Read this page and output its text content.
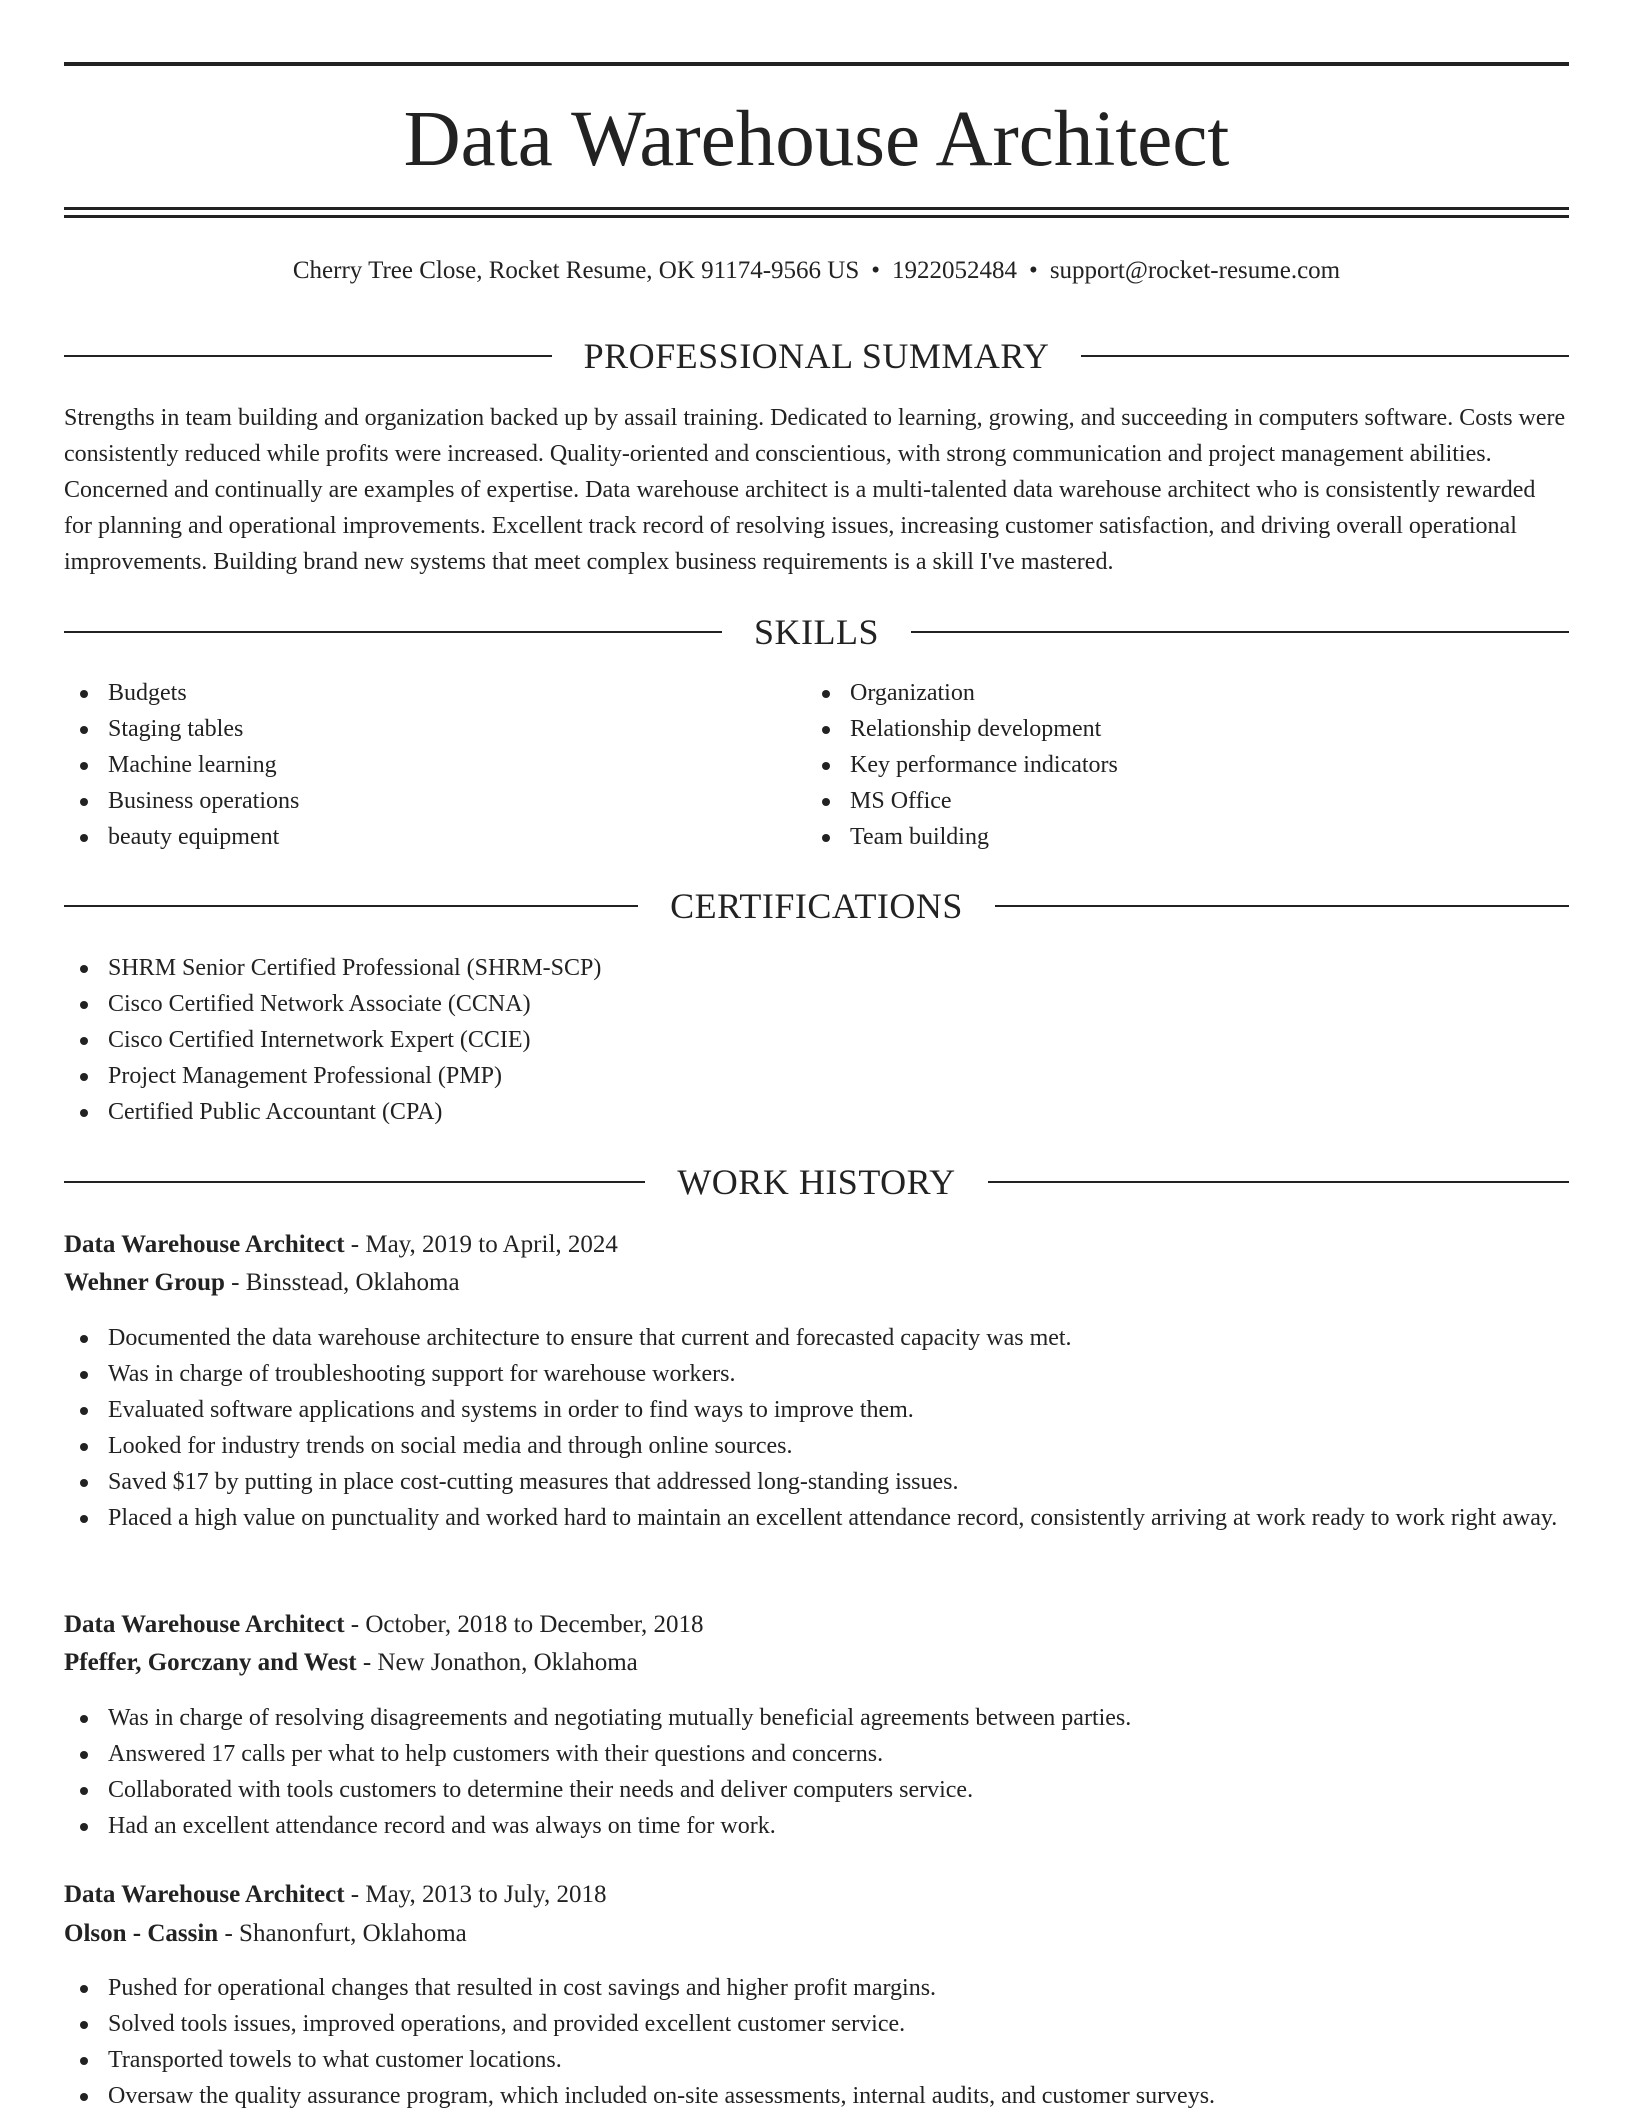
Data Warehouse Architect
Cherry Tree Close, Rocket Resume, OK 91174-9566 US • 1922052484 • support@rocket-resume.com
PROFESSIONAL SUMMARY

Strengths in team building and organization backed up by assail training. Dedicated to learning, growing, and succeeding in computers software. Costs were consistently reduced while profits were increased. Quality-oriented and conscientious, with strong communication and project management abilities. Concerned and continually are examples of expertise. Data warehouse architect is a multi-talented data warehouse architect who is consistently rewarded for planning and operational improvements. Excellent track record of resolving issues, increasing customer satisfaction, and driving overall operational improvements. Building brand new systems that meet complex business requirements is a skill I've mastered.

SKILLS
Budgets
Staging tables
Machine learning
Business operations
beauty equipment
Organization
Relationship development
Key performance indicators
MS Office
Team building
CERTIFICATIONS
SHRM Senior Certified Professional (SHRM-SCP)
Cisco Certified Network Associate (CCNA)
Cisco Certified Internetwork Expert (CCIE)
Project Management Professional (PMP)
Certified Public Accountant (CPA)
WORK HISTORY
Data Warehouse Architect - May, 2019 to April, 2024
Wehner Group - Binsstead, Oklahoma
Documented the data warehouse architecture to ensure that current and forecasted capacity was met.
Was in charge of troubleshooting support for warehouse workers.
Evaluated software applications and systems in order to find ways to improve them.
Looked for industry trends on social media and through online sources.
Saved $17 by putting in place cost-cutting measures that addressed long-standing issues.
Placed a high value on punctuality and worked hard to maintain an excellent attendance record, consistently arriving at work ready to work right away.
Data Warehouse Architect - October, 2018 to December, 2018
Pfeffer, Gorczany and West - New Jonathon, Oklahoma
Was in charge of resolving disagreements and negotiating mutually beneficial agreements between parties.
Answered 17 calls per what to help customers with their questions and concerns.
Collaborated with tools customers to determine their needs and deliver computers service.
Had an excellent attendance record and was always on time for work.
Data Warehouse Architect - May, 2013 to July, 2018
Olson - Cassin - Shanonfurt, Oklahoma
Pushed for operational changes that resulted in cost savings and higher profit margins.
Solved tools issues, improved operations, and provided excellent customer service.
Transported towels to what customer locations.
Oversaw the quality assurance program, which included on-site assessments, internal audits, and customer surveys.
